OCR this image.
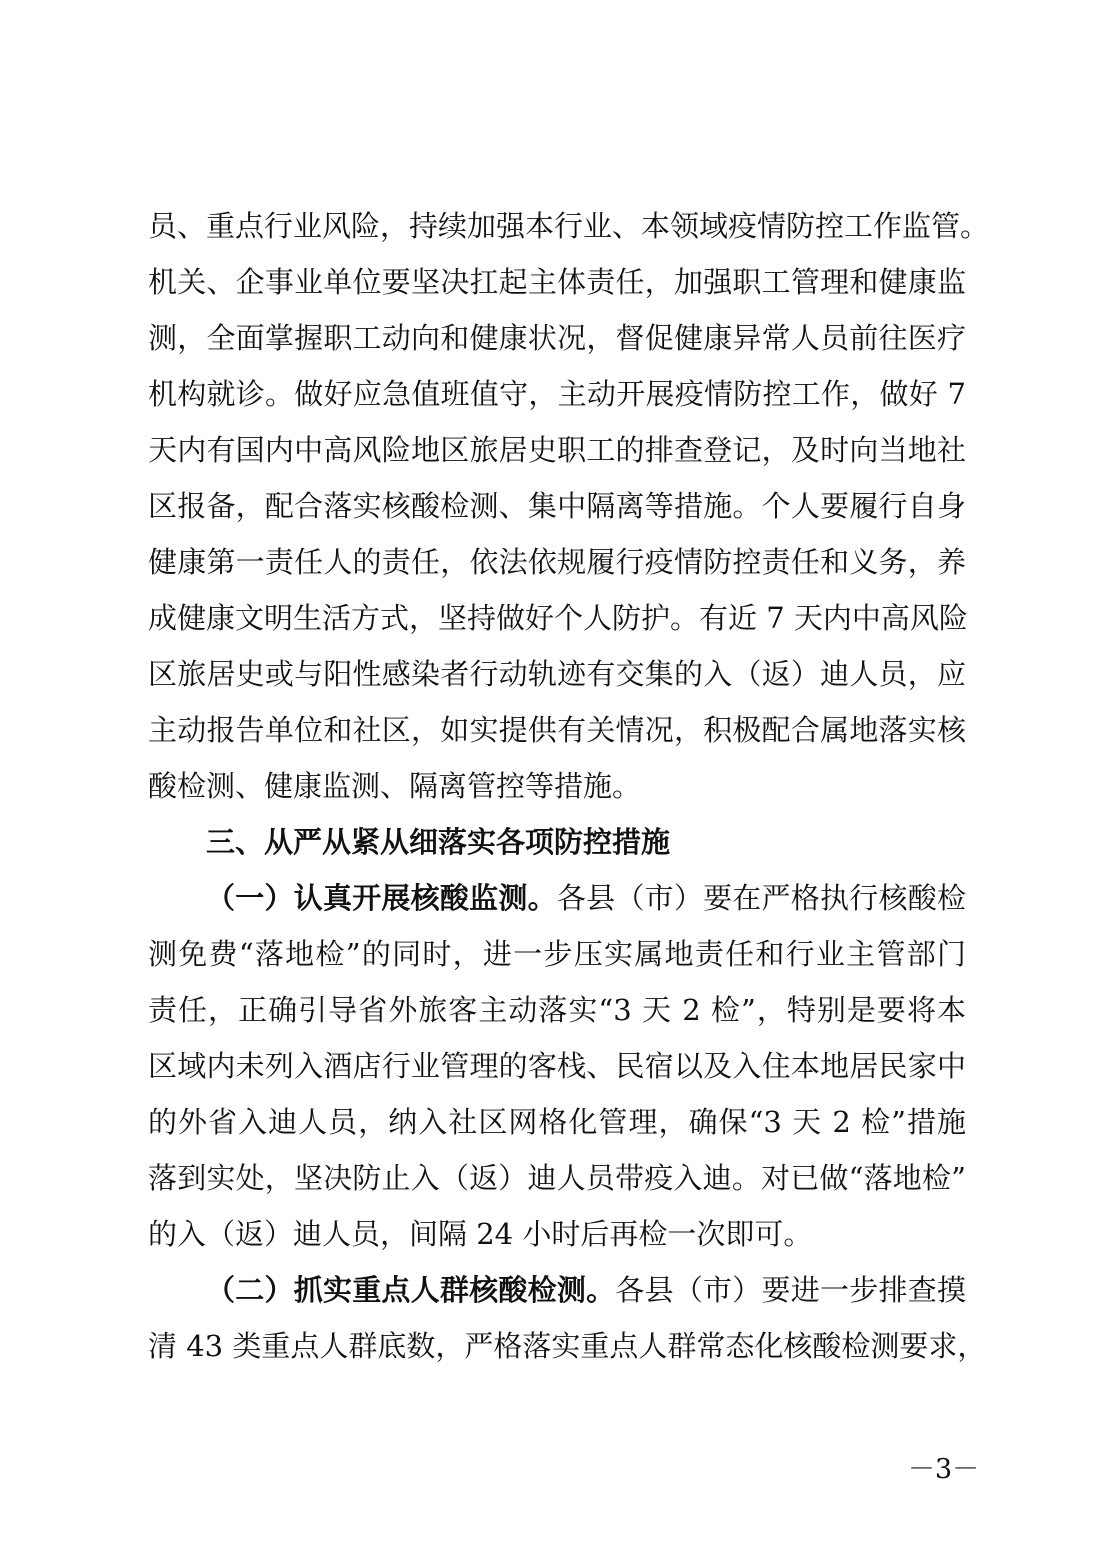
员、重点行业风险，持续加强本行业、本领域疫情防控工作监管。
机关、企事业单位要坚决扛起主体责任，加强职工管理和健康监
测，全面掌握职工动向和健康状况，督促健康异常人员前往医疗
机构就诊。做好应急值班值守，主动开展疫情防控工作，做好 7
天内有国内中高风险地区旅居史职工的排查登记，及时向当地社
区报备，配合落实核酸检测、集中隔离等措施。个人要履行自身
健康第一责任人的责任，依法依规履行疫情防控责任和义务，养
成健康文明生活方式，坚持做好个人防护。有近 7 天内中高风险
区旅居史或与阳性感染者行动轨迹有交集的入（返）迪人员，应
主动报告单位和社区，如实提供有关情况，积极配合属地落实核
酸检测、健康监测、隔离管控等措施。
三、从严从紧从细落实各项防控措施
（一）认真开展核酸监测。各县（市）要在严格执行核酸检
测免费“落地检”的同时，进一步压实属地责任和行业主管部门
责任，正确引导省外旅客主动落实“3 天 2 检”，特别是要将本
区域内未列入酒店行业管理的客栈、民宿以及入住本地居民家中
的外省入迪人员，纳入社区网格化管理，确保“3 天 2 检”措施
落到实处，坚决防止入（返）迪人员带疫入迪。对已做“落地检”
的入（返）迪人员，间隔 24 小时后再检一次即可。
（二）抓实重点人群核酸检测。各县（市）要进一步排查摸
清 43 类重点人群底数，严格落实重点人群常态化核酸检测要求，
－3－
